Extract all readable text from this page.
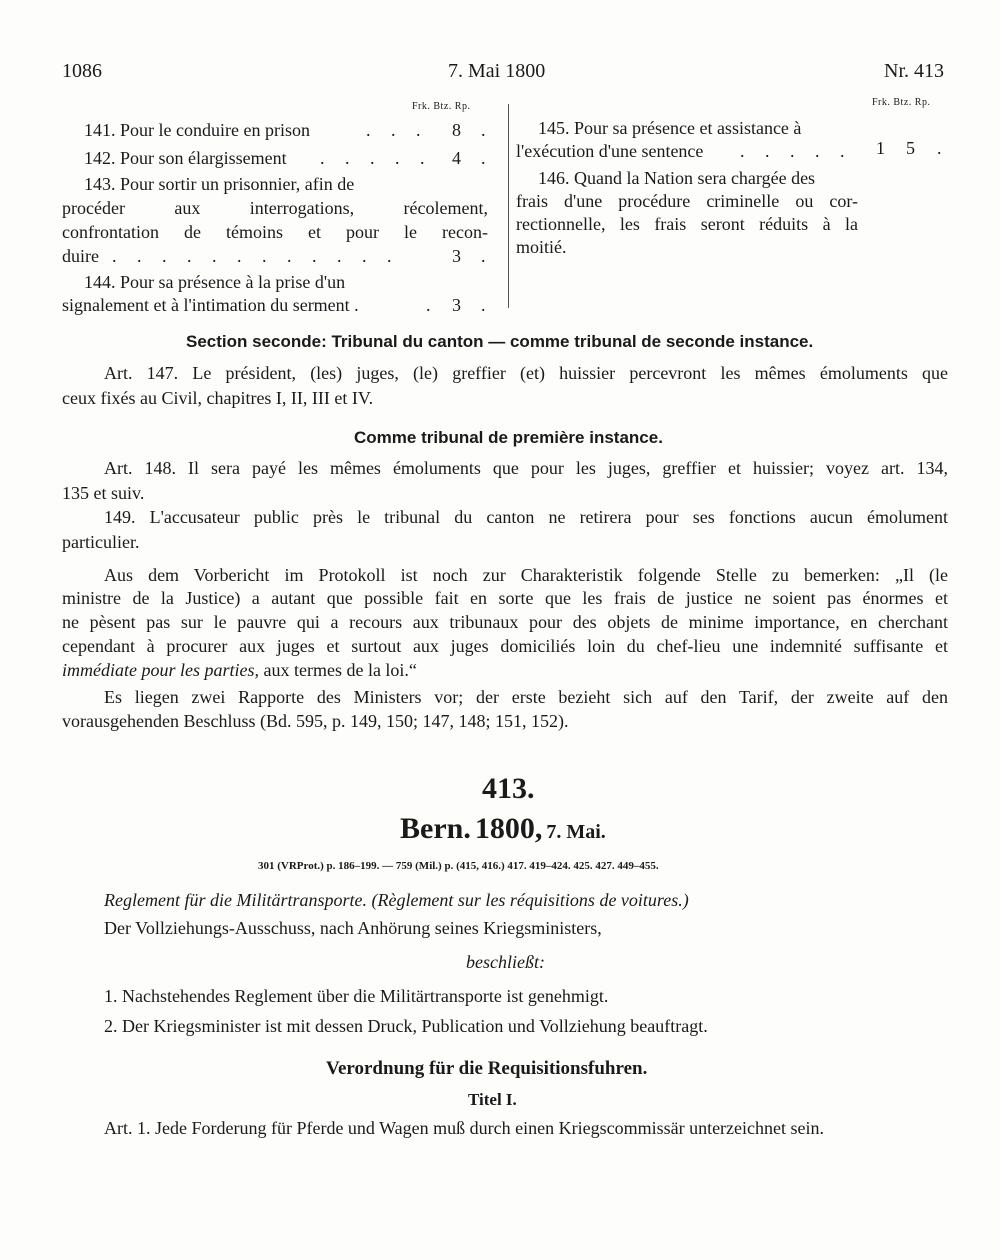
1086	7. Mai 1800	Nr. 413
Frk. Btz. Rp.	Frk. Btz. Rp.
141. Pour le conduire en prison	. . . 8 .
142. Pour son élargissement . . . . . 4 .
143. Pour sortir un prisonnier, afin de
procéder aux interrogations, récolement,
confrontation de témoins et pour le recon-
duire . . . . . . . . . . . .	3 .
144. Pour sa présence à la prise d'un
signalement et à l'intimation du serment .	. 3 .
145. Pour sa présence et assistance à
l'exécution d'une sentence . . . . . 1 5 .
146. Quand la Nation sera chargée des
frais d'une procédure criminelle ou cor-
rectionnelle, les frais seront réduits à la
moitié.
Section seconde: Tribunal du canton — comme tribunal de seconde instance.
Art. 147. Le président, (les) juges, (le) greffier (et) huissier percevront les mêmes émoluments que
ceux fixés au Civil, chapitres I, II, III et IV.
Comme tribunal de première instance.
Art. 148. Il sera payé les mêmes émoluments que pour les juges, greffier et huissier; voyez art. 134,
135 et suiv.
149. L'accusateur public près le tribunal du canton ne retirera pour ses fonctions aucun émolument
particulier.
Aus dem Vorbericht im Protokoll ist noch zur Charakteristik folgende Stelle zu bemerken: „Il (le
ministre de la Justice) a autant que possible fait en sorte que les frais de justice ne soient pas énormes et
ne pèsent pas sur le pauvre qui a recours aux tribunaux pour des objets de minime importance, en cherchant
cependant à procurer aux juges et surtout aux juges domiciliés loin du chef-lieu une indemnité suffisante et
immédiate pour les parties, aux termes de la loi.“
Es liegen zwei Rapporte des Ministers vor; der erste bezieht sich auf den Tarif, der zweite auf den
vorausgehenden Beschluss (Bd. 595, p. 149, 150; 147, 148; 151, 152).
413.
Bern. 1800, 7. Mai.
301 (VRProt.) p. 186–199. — 759 (Mil.) p. (415, 416.) 417. 419–424. 425. 427. 449–455.
Reglement für die Militärtransporte. (Règlement sur les réquisitions de voitures.)
Der Vollziehungs-Ausschuss, nach Anhörung seines Kriegsministers,
beschließt:
1. Nachstehendes Reglement über die Militärtransporte ist genehmigt.
2. Der Kriegsminister ist mit dessen Druck, Publication und Vollziehung beauftragt.
Verordnung für die Requisitionsfuhren.
Titel I.
Art. 1. Jede Forderung für Pferde und Wagen muß durch einen Kriegscommissär unterzeichnet sein.
